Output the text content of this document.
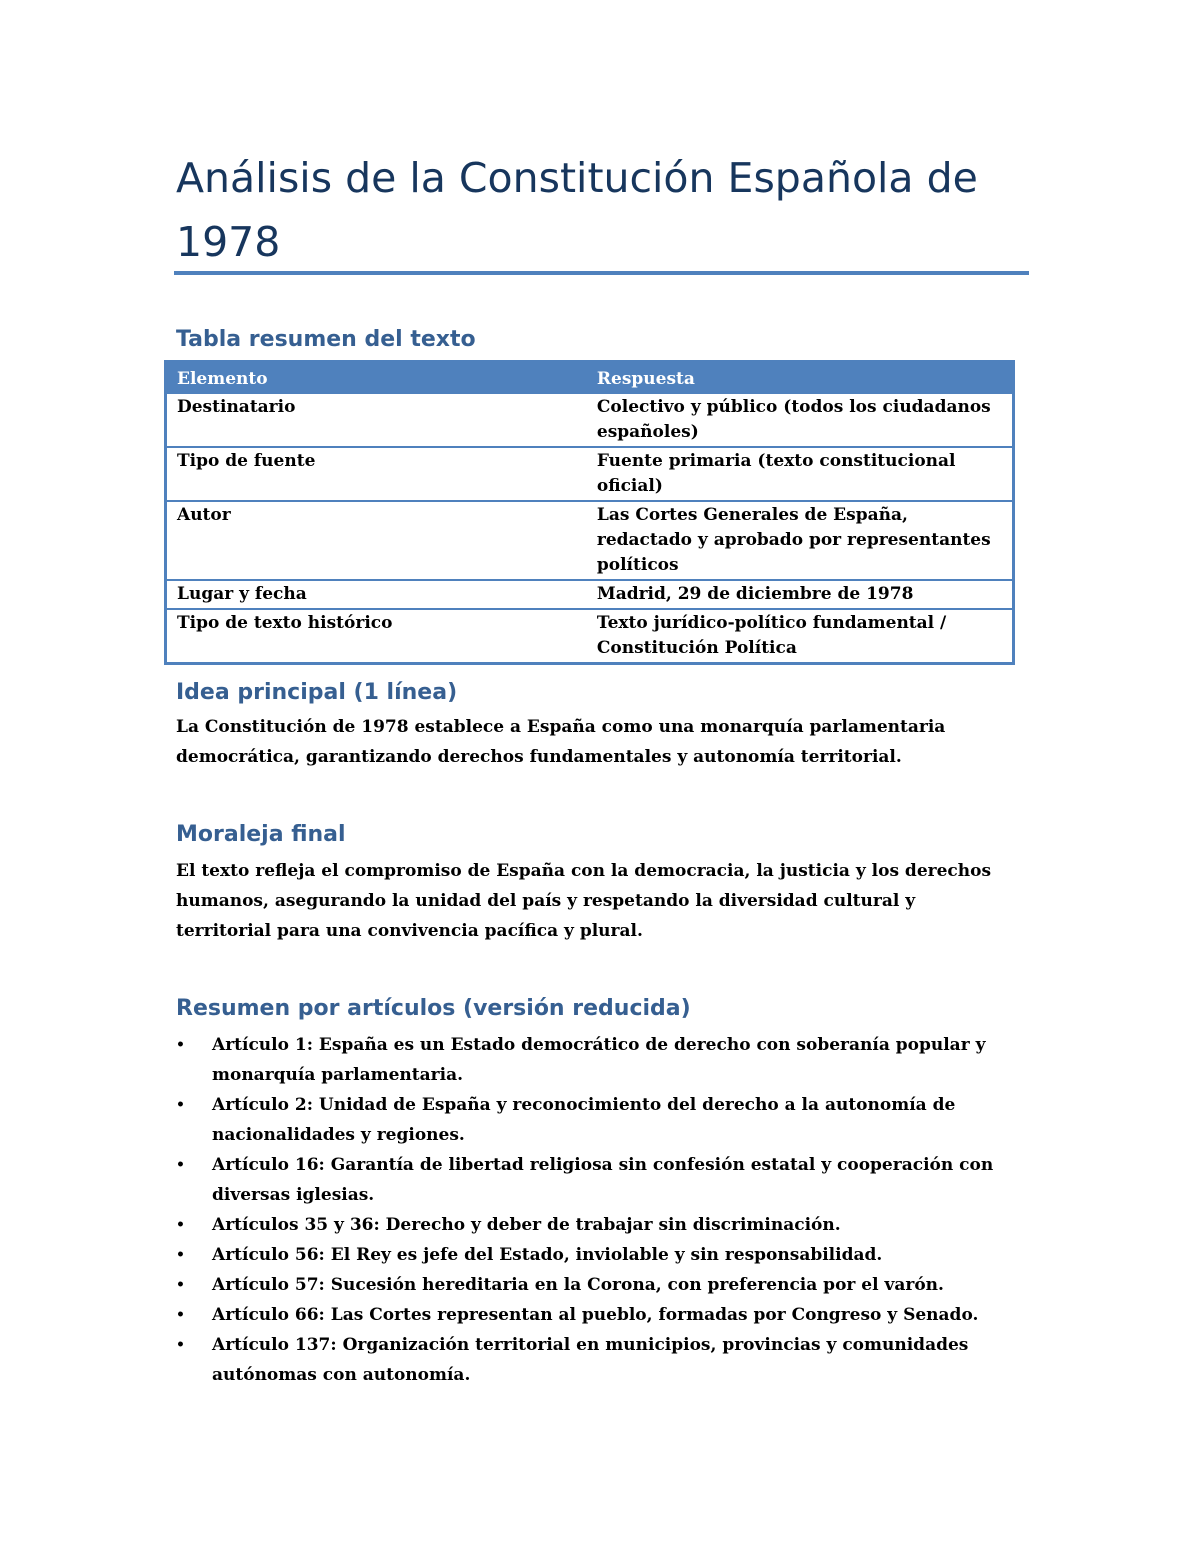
Análisis de la Constitución Española de 1978
Tabla resumen del texto
Elemento	Respuesta
Destinatario	Colectivo y público (todos los ciudadanos españoles)
Tipo de fuente	Fuente primaria (texto constitucional oficial)
Autor	Las Cortes Generales de España, redactado y aprobado por representantes políticos
Lugar y fecha	Madrid, 29 de diciembre de 1978
Tipo de texto histórico	Texto jurídico-político fundamental / Constitución Política
Idea principal (1 línea)

La Constitución de 1978 establece a España como una monarquía parlamentaria democrática, garantizando derechos fundamentales y autonomía territorial.

Moraleja final

El texto refleja el compromiso de España con la democracia, la justicia y los derechos humanos, asegurando la unidad del país y respetando la diversidad cultural y territorial para una convivencia pacífica y plural.

Resumen por artículos (versión reducida)
• Artículo 1: España es un Estado democrático de derecho con soberanía popular y monarquía parlamentaria.
• Artículo 2: Unidad de España y reconocimiento del derecho a la autonomía de nacionalidades y regiones.
• Artículo 16: Garantía de libertad religiosa sin confesión estatal y cooperación con diversas iglesias.
• Artículos 35 y 36: Derecho y deber de trabajar sin discriminación.
• Artículo 56: El Rey es jefe del Estado, inviolable y sin responsabilidad.
• Artículo 57: Sucesión hereditaria en la Corona, con preferencia por el varón.
• Artículo 66: Las Cortes representan al pueblo, formadas por Congreso y Senado.
• Artículo 137: Organización territorial en municipios, provincias y comunidades autónomas con autonomía.
